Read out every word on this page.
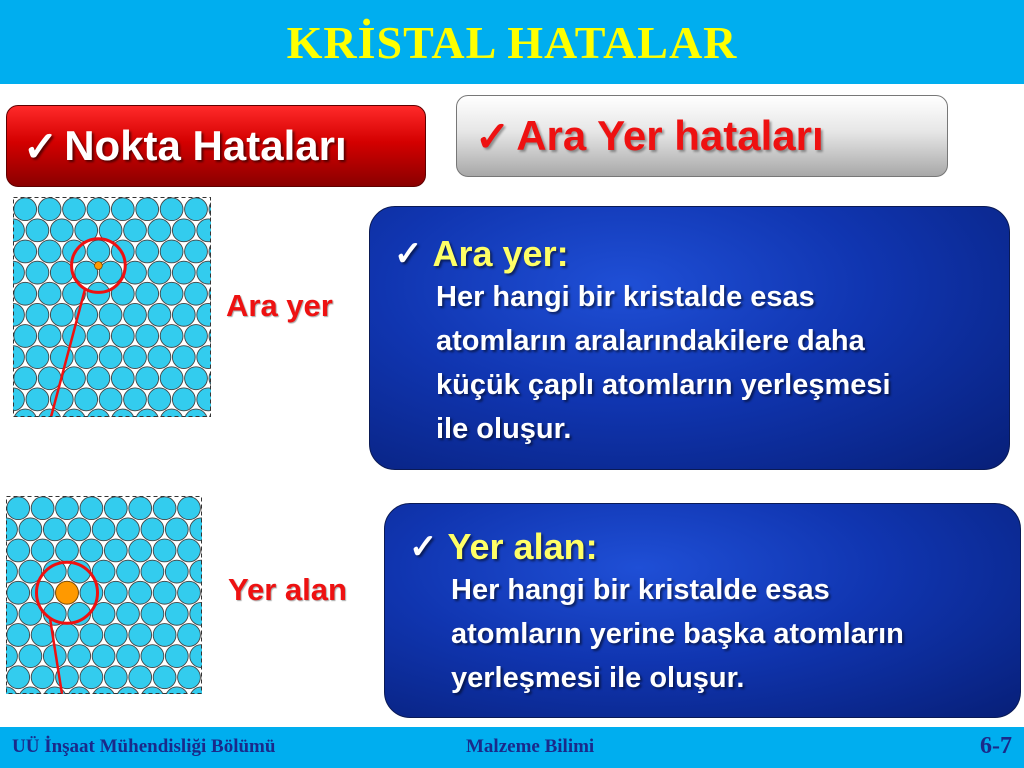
KRİSTAL HATALAR
✓ Nokta Hataları	✓ Ara Yer hataları
Ara yer
Yer alan
✓ Ara yer:
Her hangi bir kristalde esas
atomların aralarındakilere daha
küçük çaplı atomların yerleşmesi
ile oluşur.
✓ Yer alan:
Her hangi bir kristalde esas
atomların yerine başka atomların
yerleşmesi ile oluşur.
UÜ İnşaat Mühendisliği Bölümü	Malzeme Bilimi	6-7
